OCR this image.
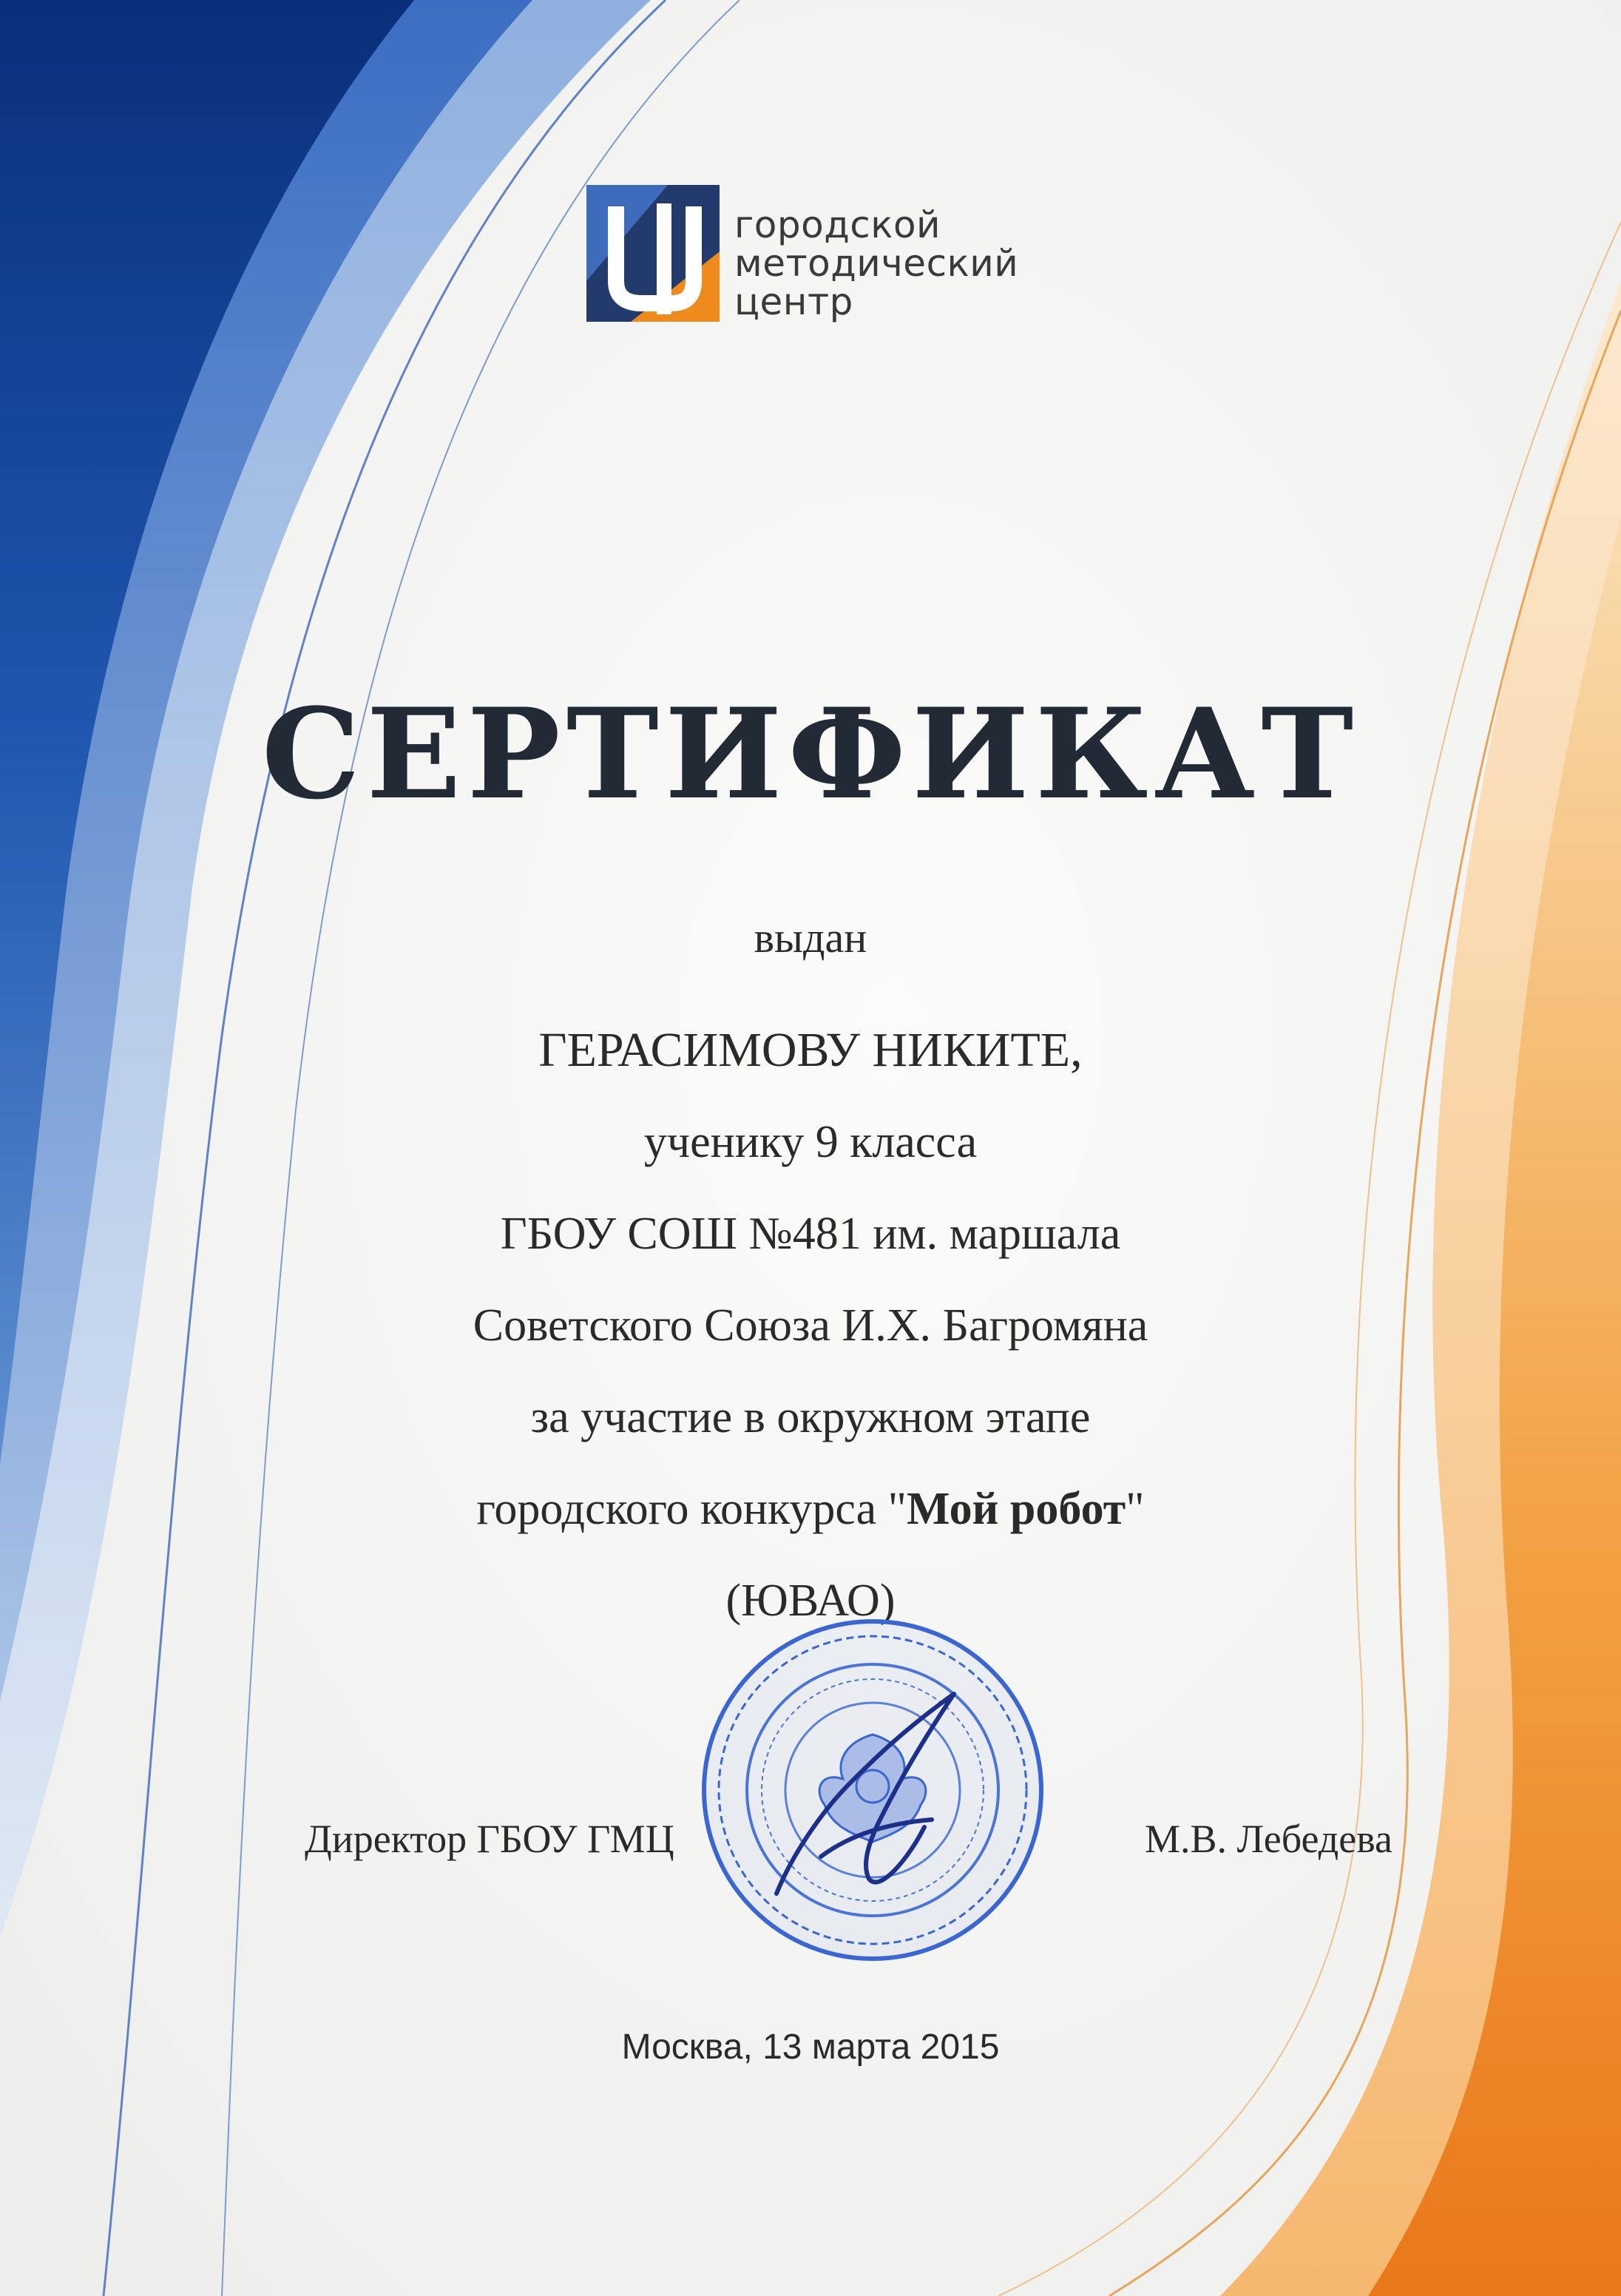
городской
методический
центр
СЕРТИФИКАТ
выдан
ГЕРАСИМОВУ НИКИТЕ,
ученику 9 класса
ГБОУ СОШ №481 им. маршала
Советского Союза И.Х. Багромяна
за участие в окружном этапе
городского конкурса "Мой робот"
(ЮВАО)
Директор ГБОУ ГМЦ	М.В. Лебедева
Москва, 13 марта 2015
